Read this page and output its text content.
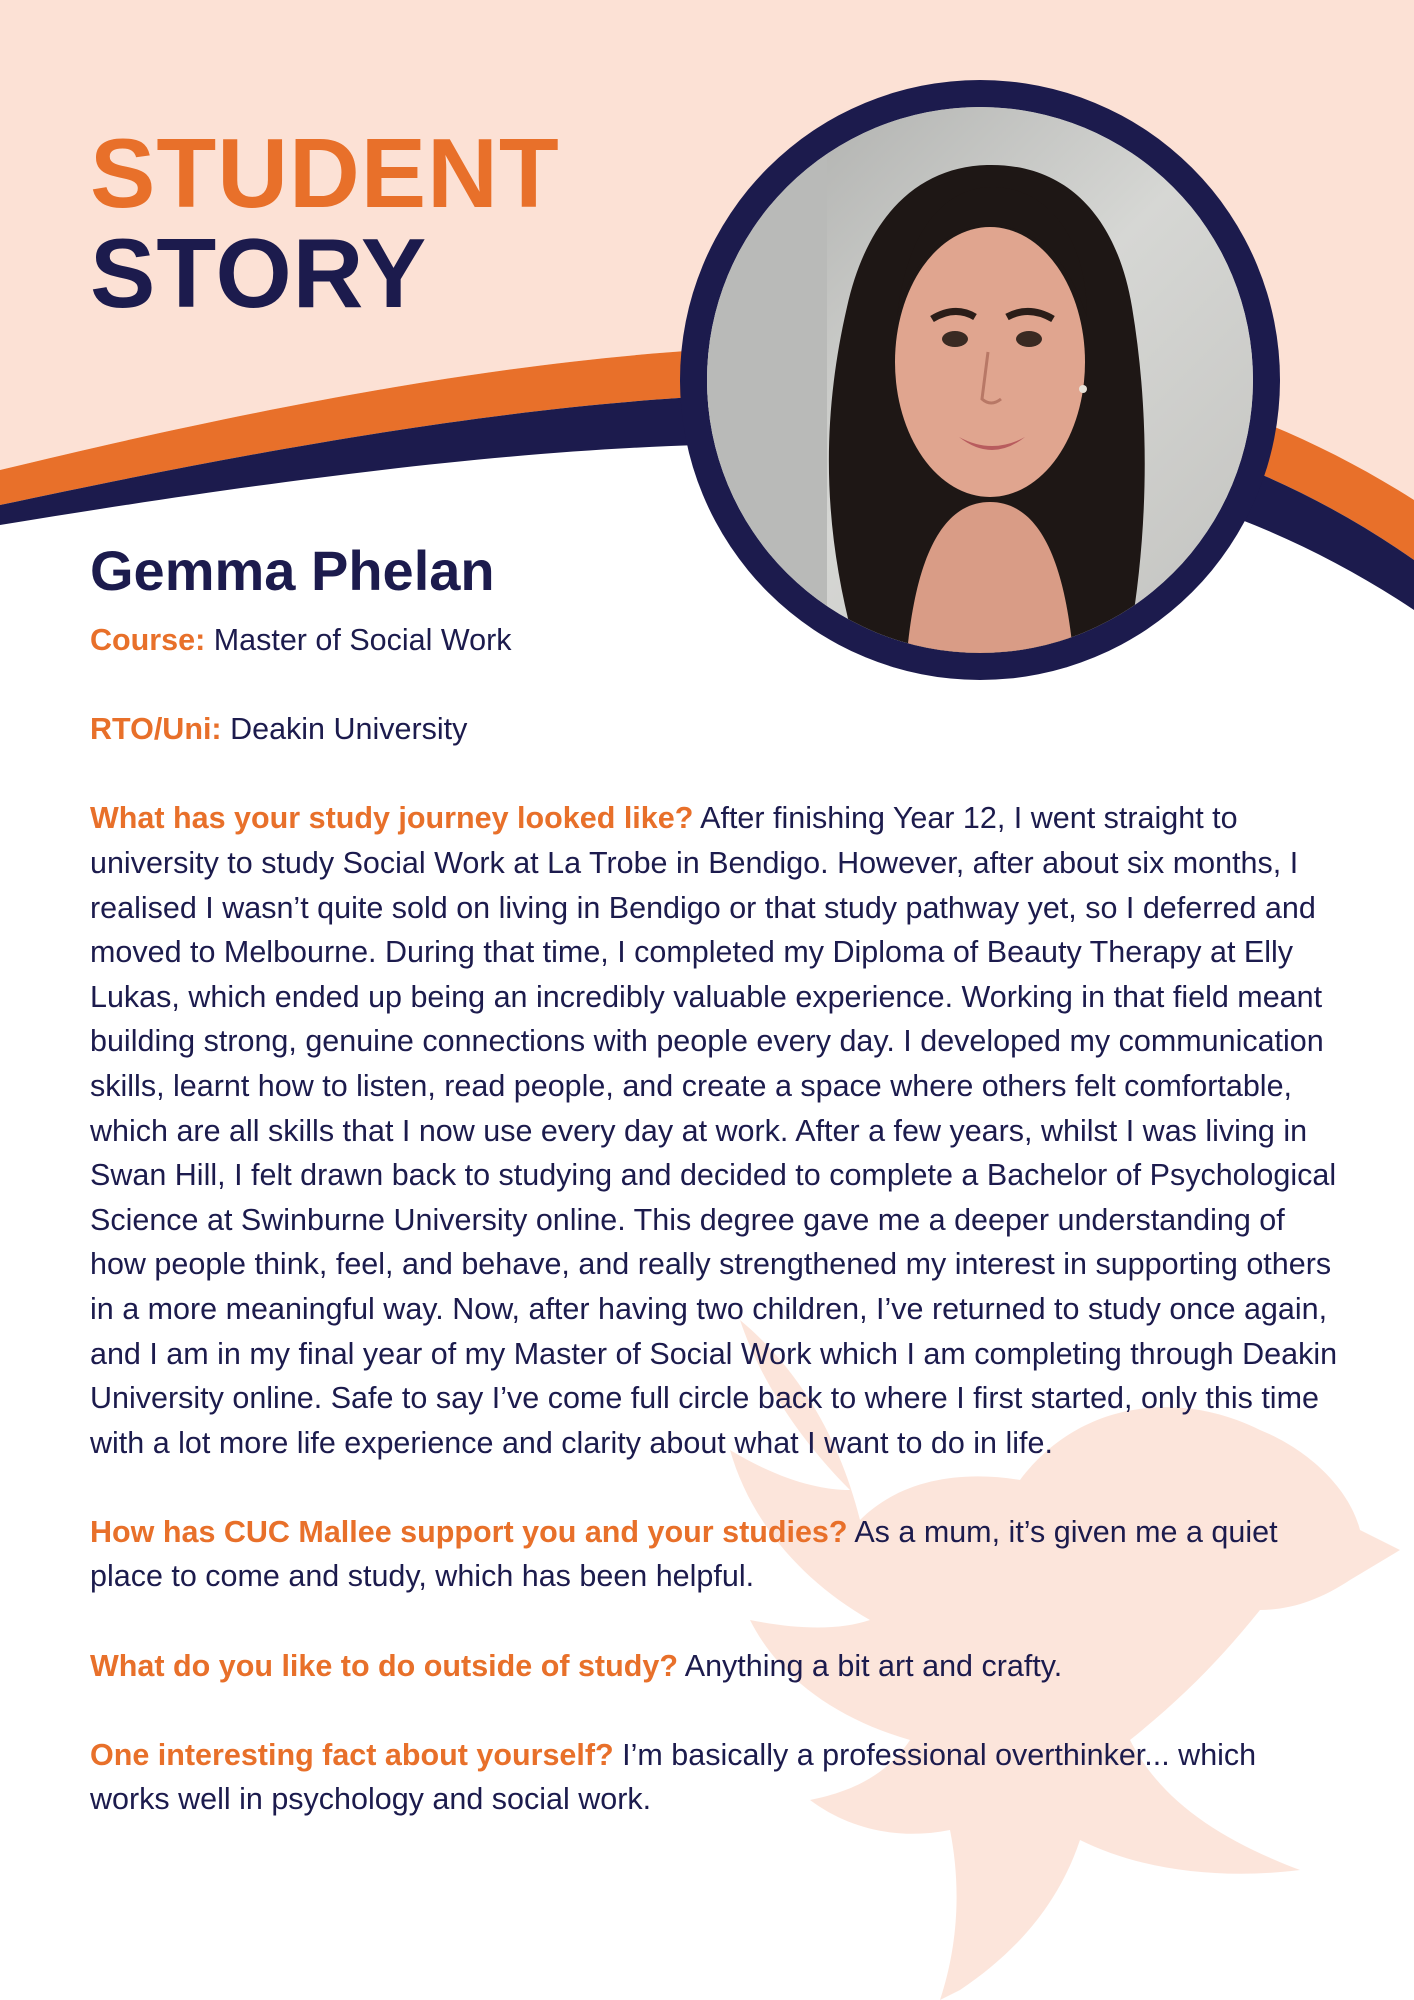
STUDENT
STORY
Gemma Phelan

Course: Master of Social Work

RTO/Uni: Deakin University

What has your study journey looked like? After finishing Year 12, I went straight to university to study Social Work at La Trobe in Bendigo. However, after about six months, I realised I wasn’t quite sold on living in Bendigo or that study pathway yet, so I deferred and moved to Melbourne. During that time, I completed my Diploma of Beauty Therapy at Elly Lukas, which ended up being an incredibly valuable experience. Working in that field meant building strong, genuine connections with people every day. I developed my communication skills, learnt how to listen, read people, and create a space where others felt comfortable, which are all skills that I now use every day at work. After a few years, whilst I was living in Swan Hill, I felt drawn back to studying and decided to complete a Bachelor of Psychological Science at Swinburne University online. This degree gave me a deeper understanding of how people think, feel, and behave, and really strengthened my interest in supporting others in a more meaningful way. Now, after having two children, I’ve returned to study once again, and I am in my final year of my Master of Social Work which I am completing through Deakin University online. Safe to say I’ve come full circle back to where I first started, only this time with a lot more life experience and clarity about what I want to do in life.

How has CUC Mallee support you and your studies? As a mum, it’s given me a quiet place to come and study, which has been helpful.

What do you like to do outside of study? Anything a bit art and crafty.

One interesting fact about yourself? I’m basically a professional overthinker... which works well in psychology and social work.
